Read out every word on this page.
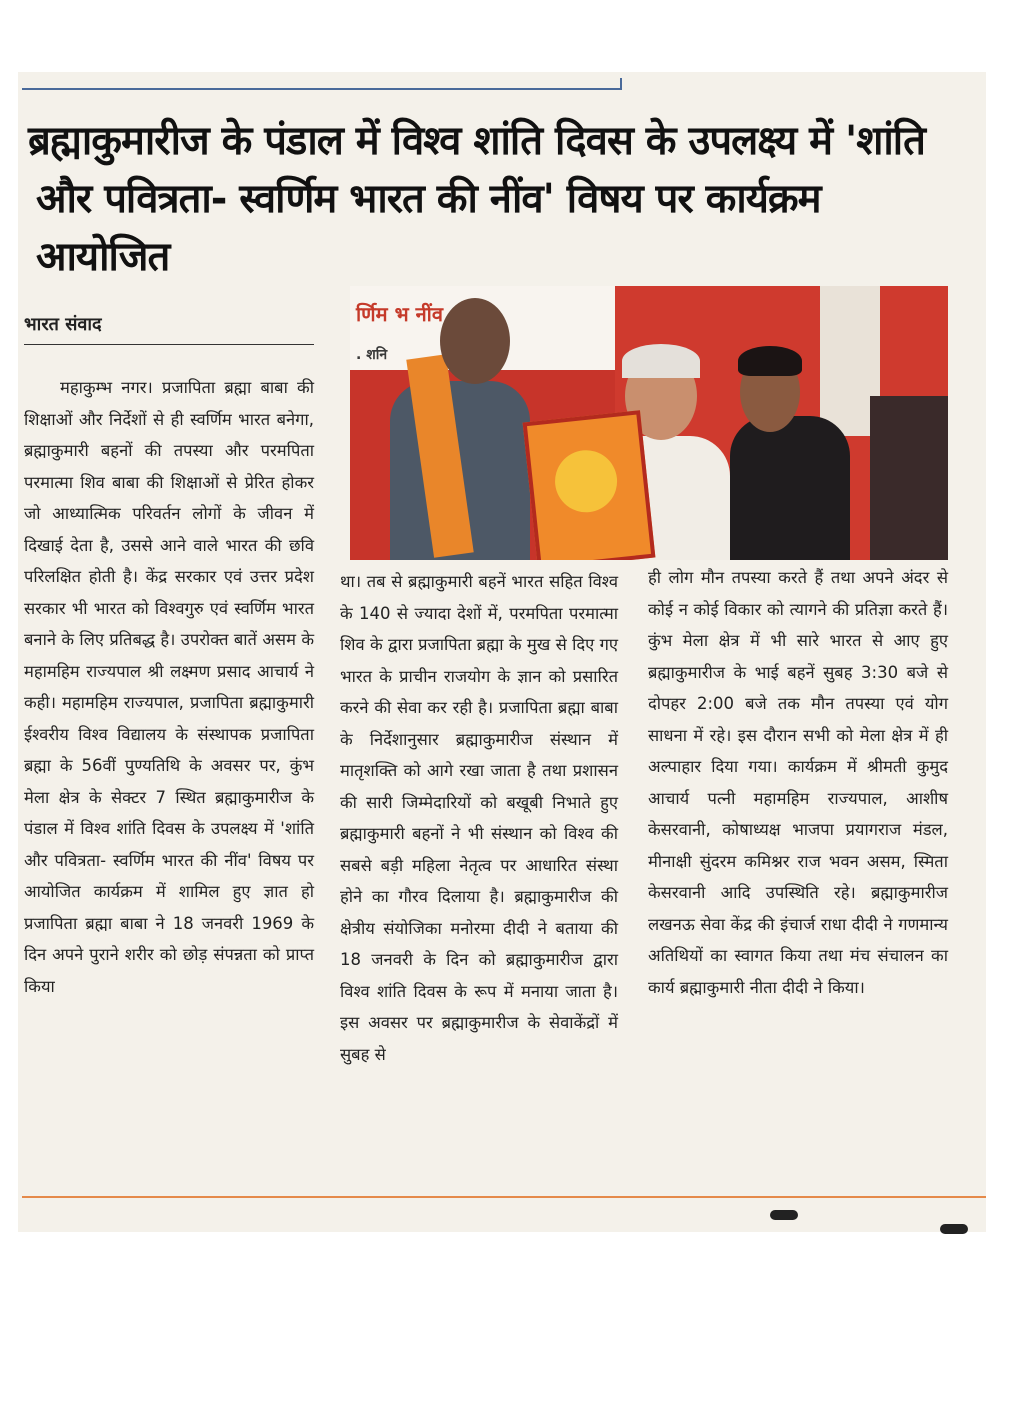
ब्रह्माकुमारीज के पंडाल में विश्व शांति दिवस के उपलक्ष्य में 'शांति
और पवित्रता- स्वर्णिम भारत की नींव' विषय पर कार्यक्रम आयोजित
भारत संवाद	र्णिम भ नींव
. शनि
महाकुम्भ नगर। प्रजापिता ब्रह्मा बाबा की शिक्षाओं और निर्देशों से ही स्वर्णिम भारत बनेगा, ब्रह्माकुमारी बहनों की तपस्या और परमपिता परमात्मा शिव बाबा की शिक्षाओं से प्रेरित होकर जो आध्यात्मिक परिवर्तन लोगों के जीवन में दिखाई देता है, उससे आने वाले भारत की छवि परिलक्षित होती है। केंद्र सरकार एवं उत्तर प्रदेश सरकार भी भारत को विश्वगुरु एवं स्वर्णिम भारत बनाने के लिए प्रतिबद्ध है। उपरोक्त बातें असम के महामहिम राज्यपाल श्री लक्ष्मण प्रसाद आचार्य ने कही। महामहिम राज्यपाल, प्रजापिता ब्रह्माकुमारी ईश्वरीय विश्व विद्यालय के संस्थापक प्रजापिता ब्रह्मा के 56वीं पुण्यतिथि के अवसर पर, कुंभ मेला क्षेत्र के सेक्टर 7 स्थित ब्रह्माकुमारीज के पंडाल में विश्व शांति दिवस के उपलक्ष्य में 'शांति और पवित्रता- स्वर्णिम भारत की नींव' विषय पर आयोजित कार्यक्रम में शामिल हुए ज्ञात हो प्रजापिता ब्रह्मा बाबा ने 18 जनवरी 1969 के दिन अपने पुराने शरीर को छोड़ संपन्नता को प्राप्त किया
था। तब से ब्रह्माकुमारी बहनें भारत सहित विश्व के 140 से ज्यादा देशों में, परमपिता परमात्मा शिव के द्वारा प्रजापिता ब्रह्मा के मुख से दिए गए भारत के प्राचीन राजयोग के ज्ञान को प्रसारित करने की सेवा कर रही है। प्रजापिता ब्रह्मा बाबा के निर्देशानुसार ब्रह्माकुमारीज संस्थान में मातृशक्ति को आगे रखा जाता है तथा प्रशासन की सारी जिम्मेदारियों को बखूबी निभाते हुए ब्रह्माकुमारी बहनों ने भी संस्थान को विश्व की सबसे बड़ी महिला नेतृत्व पर आधारित संस्था होने का गौरव दिलाया है। ब्रह्माकुमारीज की क्षेत्रीय संयोजिका मनोरमा दीदी ने बताया की 18 जनवरी के दिन को ब्रह्माकुमारीज द्वारा विश्व शांति दिवस के रूप में मनाया जाता है। इस अवसर पर ब्रह्माकुमारीज के सेवाकेंद्रों में सुबह से
ही लोग मौन तपस्या करते हैं तथा अपने अंदर से कोई न कोई विकार को त्यागने की प्रतिज्ञा करते हैं। कुंभ मेला क्षेत्र में भी सारे भारत से आए हुए ब्रह्माकुमारीज के भाई बहनें सुबह 3:30 बजे से दोपहर 2:00 बजे तक मौन तपस्या एवं योग साधना में रहे। इस दौरान सभी को मेला क्षेत्र में ही अल्पाहार दिया गया। कार्यक्रम में श्रीमती कुमुद आचार्य पत्नी महामहिम राज्यपाल, आशीष केसरवानी, कोषाध्यक्ष भाजपा प्रयागराज मंडल, मीनाक्षी सुंदरम कमिश्नर राज भवन असम, स्मिता केसरवानी आदि उपस्थिति रहे। ब्रह्माकुमारीज लखनऊ सेवा केंद्र की इंचार्ज राधा दीदी ने गणमान्य अतिथियों का स्वागत किया तथा मंच संचालन का कार्य ब्रह्माकुमारी नीता दीदी ने किया।
